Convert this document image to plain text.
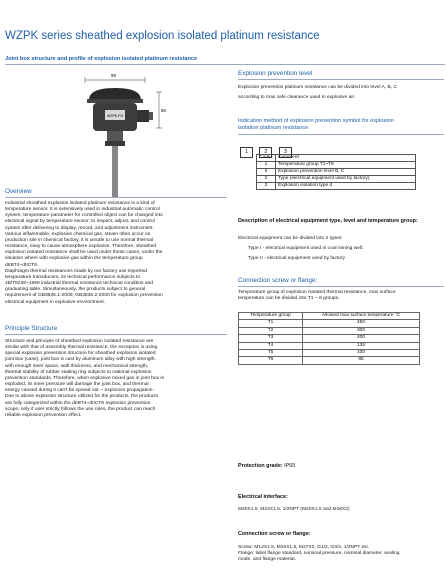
WZPK series sheathed explosion isolated platinum resistance
Joint box structure and profile of explosion isolated platinum resistance
90
60
WZPK-PU
Explosion prevention level
Explosion prevention platinum resistance can be divided into level A, B, C
according to max safe clearance used in explosive air.
Indication method of explosion prevention symbol for explosion
isolation platinum resistance
1	2	3
Code	Comment
1	Temperature group T1~T6
II	Explosion prevention level B, C
2	Type (electrical equipment used by factory)
3	Explosion isolation type d
Overview
Industrial sheathed explosion isolated platinum resistance is a kind of
temperature sensor. It is extensively used in industrial automatic control
system, temperature parameter for controlled object can be changed into
electrical signal by temperature sensor, to inspect, adjust, and control
system after delivering to display, record, and adjustment instrument.
Various inflammable, explosive chemical gas, steam often occur on
production site in chemical factory, it is unsafe to use normal thermal
resistance, easy to cause atmosphere explosion. Therefore, sheathed
explosion isolated resistance shall be used under these cases, under the
situation where with explosive gas within the temperature group
dIIBT4~dIICT6.
Diaphragm thermal resistances made by our factory use imported
temperature transducers, its technical performance subjects to
JB/T8238~1999 industrial thermal resistance technical condition and
graduating table. Simultaneously, the products subject to general
requirement of GB3836.1-2000, GB3836.2-2000 for explosion prevention
electrical equipment in explosive environment.
Principle Structure
Structure and principle of sheathed explosion isolated resistance are
similar with that of assembly thermal resistance, the exception is using
special explosion prevention structure for sheathed explosion isolated
joint box (case), joint box is cast by aluminum alloy with high strength,
with enough inner space, wall thickness, and mechanical strength,
thermal stability of rubber sealing ring subjects to national explosion
prevention standards. Therefore, when explosive mixed gas in joint box is
exploded, its inner pressure will damage the joint box, and thermal
energy caused during it can't be spread out -- explosion propagation.
Due to above explosion structure utilized for the products, the products
are fully categorized within the dIIBT4~dIICT6 explosion prevention
scope, only if user strictly follows the use rules, the product can reach
reliable explosion prevention effect.
Description of electrical equipment type, level and temperature group:
Electrical equipment can be divided into 2 types:
Type I - electrical equipment used in coal mining well;
Type II - electrical equipment used by factory
Connection screw or flange:
Temperature group of explosion isolated thermal resistance, max surface
temperature can be divided into T1 ~ 6 groups.
Temperature group	Allowed max surface temperature °C
T1	450
T2	300
T3	200
T4	135
T5	100
T6	85
Protection grade: IP65
Electrical interface:
M20X1.5, M22X1.5, 1/2NPT (M20X1.5 and M18X2)
Connection screw or flange:
Screw: M12X1.5, M16X1.5, M27X2, G1/2, G3/4, 1/2NPT etc.
Flange: label flange standard, nominal pressure, nominal diameter, sealing
mode, and flange material.
